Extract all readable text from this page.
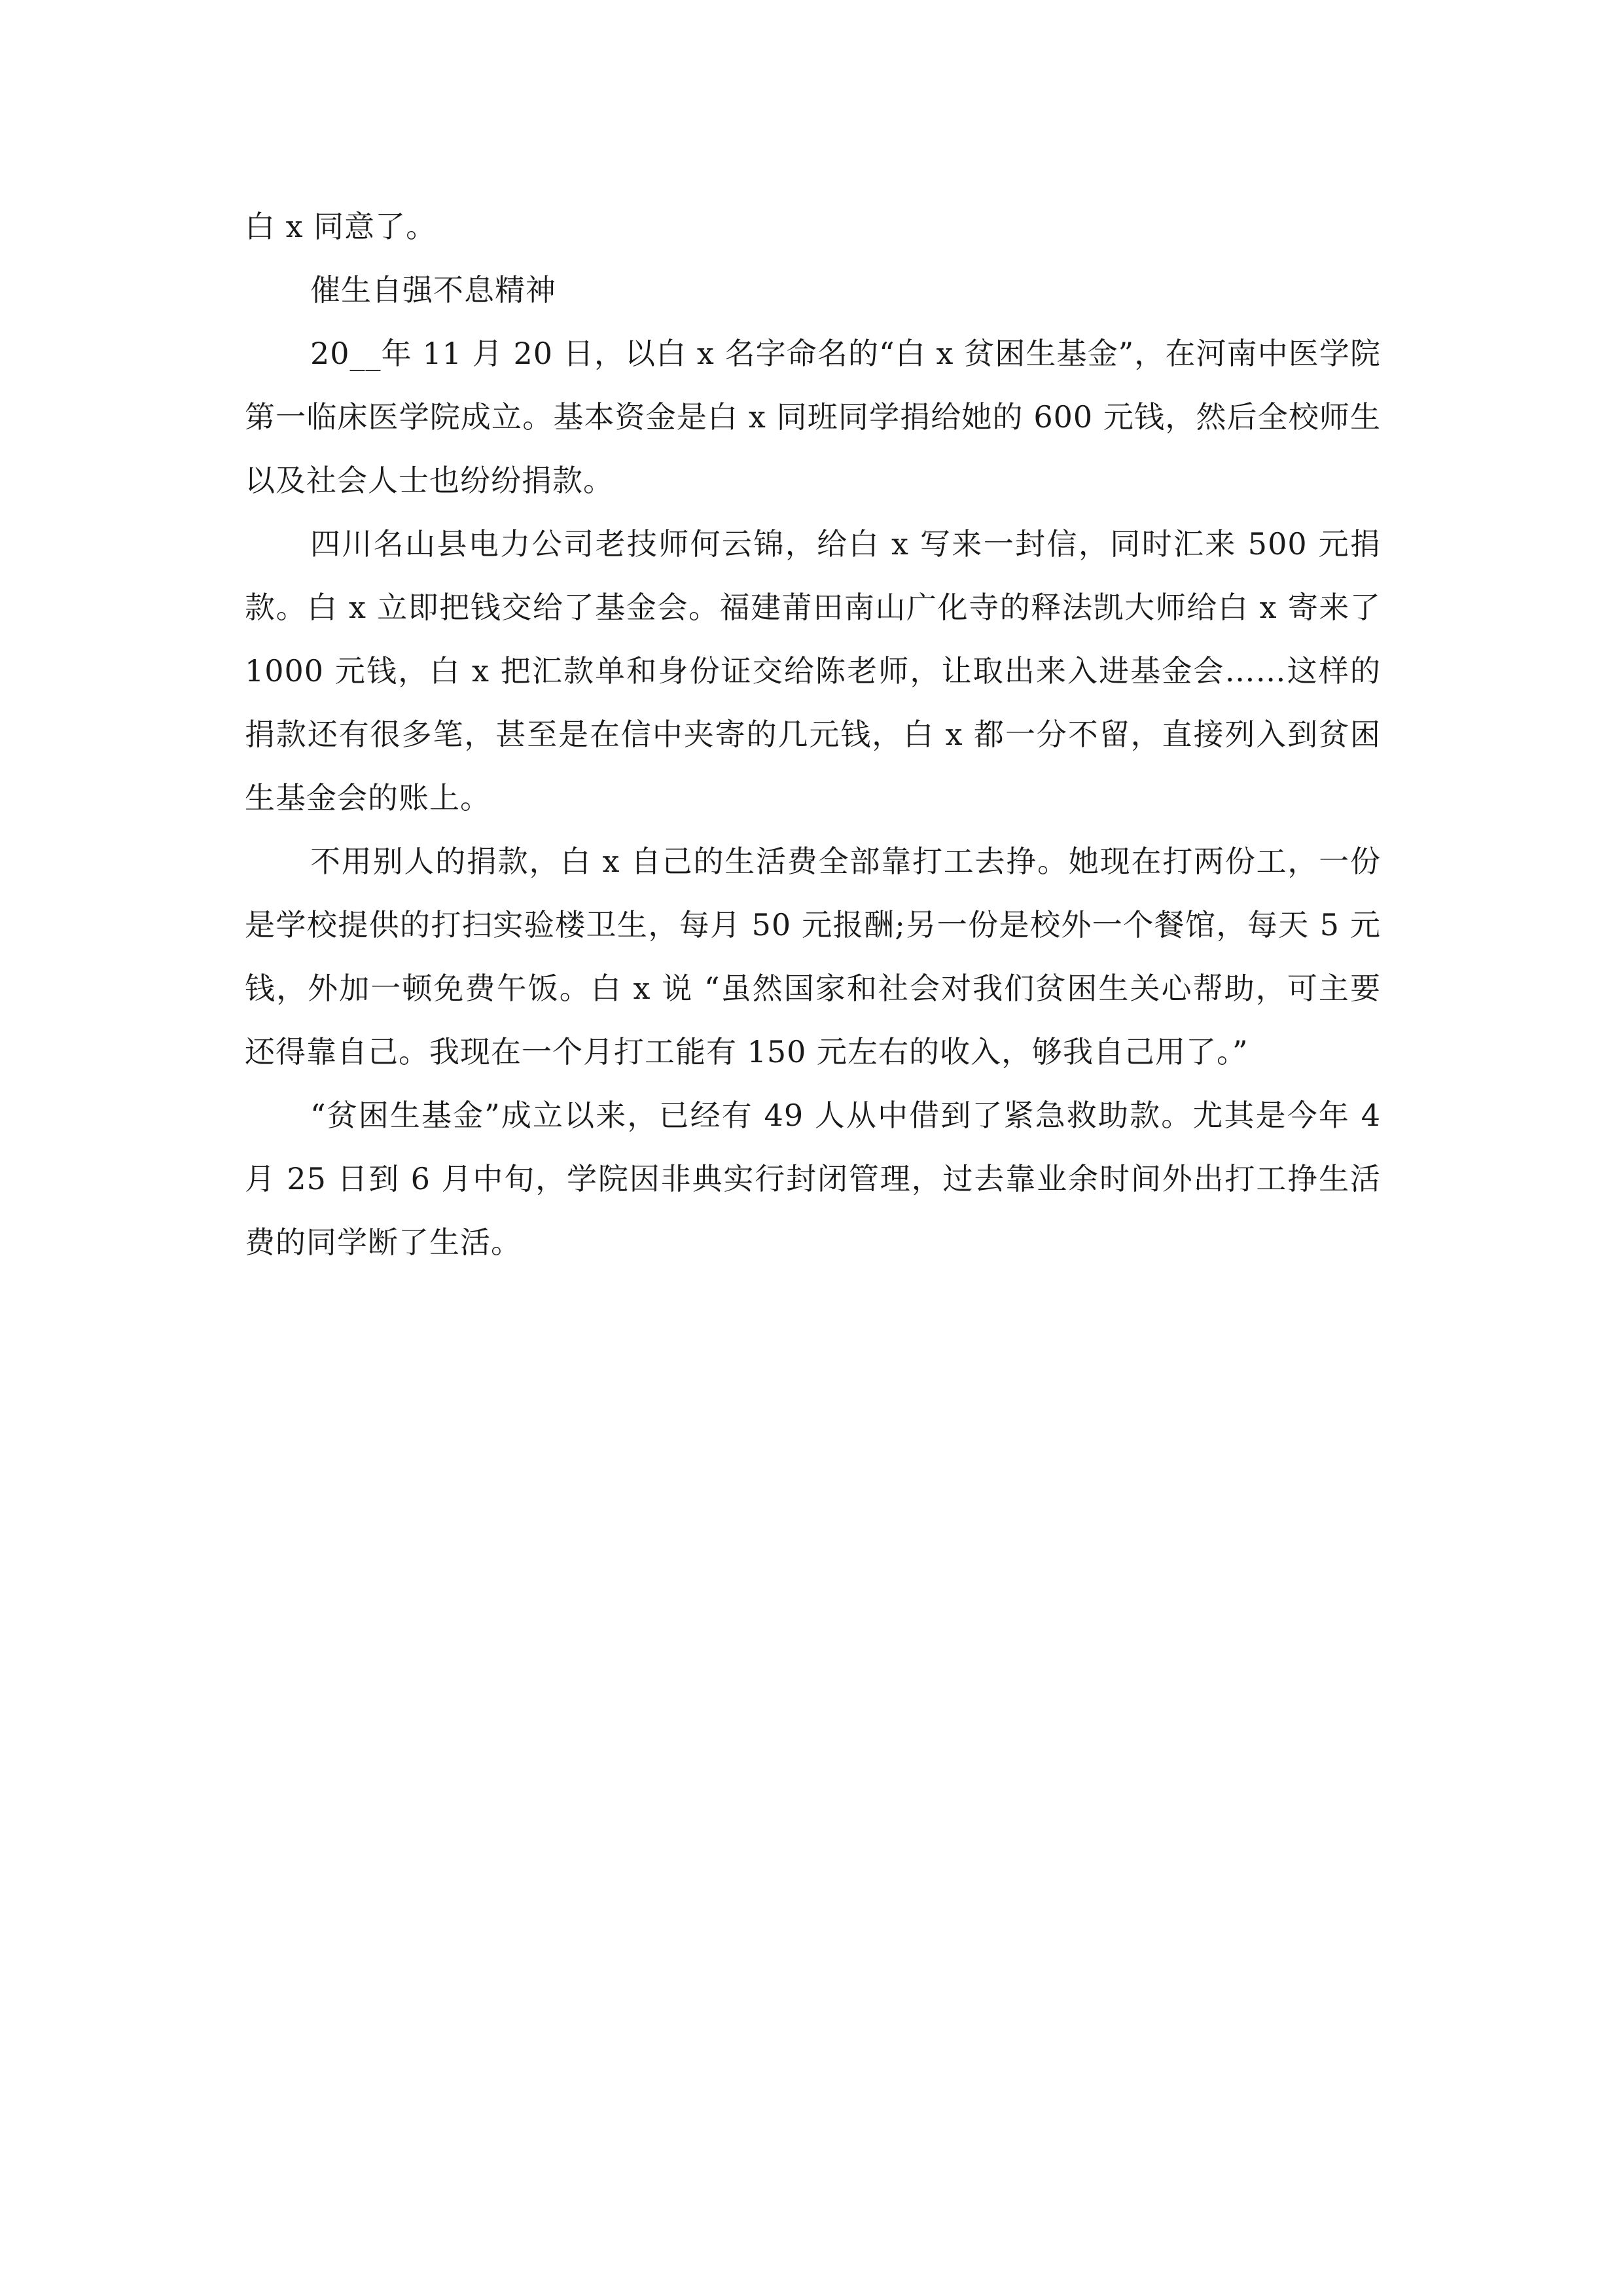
白 x 同意了。

催生自强不息精神

20__年 11 月 20 日，以白 x 名字命名的“白 x 贫困生基金”，在河南中医学院第一临床医学院成立。基本资金是白 x 同班同学捐给她的 600 元钱，然后全校师生以及社会人士也纷纷捐款。

四川名山县电力公司老技师何云锦，给白 x 写来一封信，同时汇来 500 元捐款。白 x 立即把钱交给了基金会。福建莆田南山广化寺的释法凯大师给白 x 寄来了 1000 元钱，白 x 把汇款单和身份证交给陈老师，让取出来入进基金会……这样的捐款还有很多笔，甚至是在信中夹寄的几元钱，白 x 都一分不留，直接列入到贫困生基金会的账上。

不用别人的捐款，白 x 自己的生活费全部靠打工去挣。她现在打两份工，一份是学校提供的打扫实验楼卫生，每月 50 元报酬;另一份是校外一个餐馆，每天 5 元钱，外加一顿免费午饭。白 x 说 “虽然国家和社会对我们贫困生关心帮助，可主要还得靠自己。我现在一个月打工能有 150 元左右的收入，够我自己用了。”

“贫困生基金”成立以来，已经有 49 人从中借到了紧急救助款。尤其是今年 4 月 25 日到 6 月中旬，学院因非典实行封闭管理，过去靠业余时间外出打工挣生活费的同学断了生活。
